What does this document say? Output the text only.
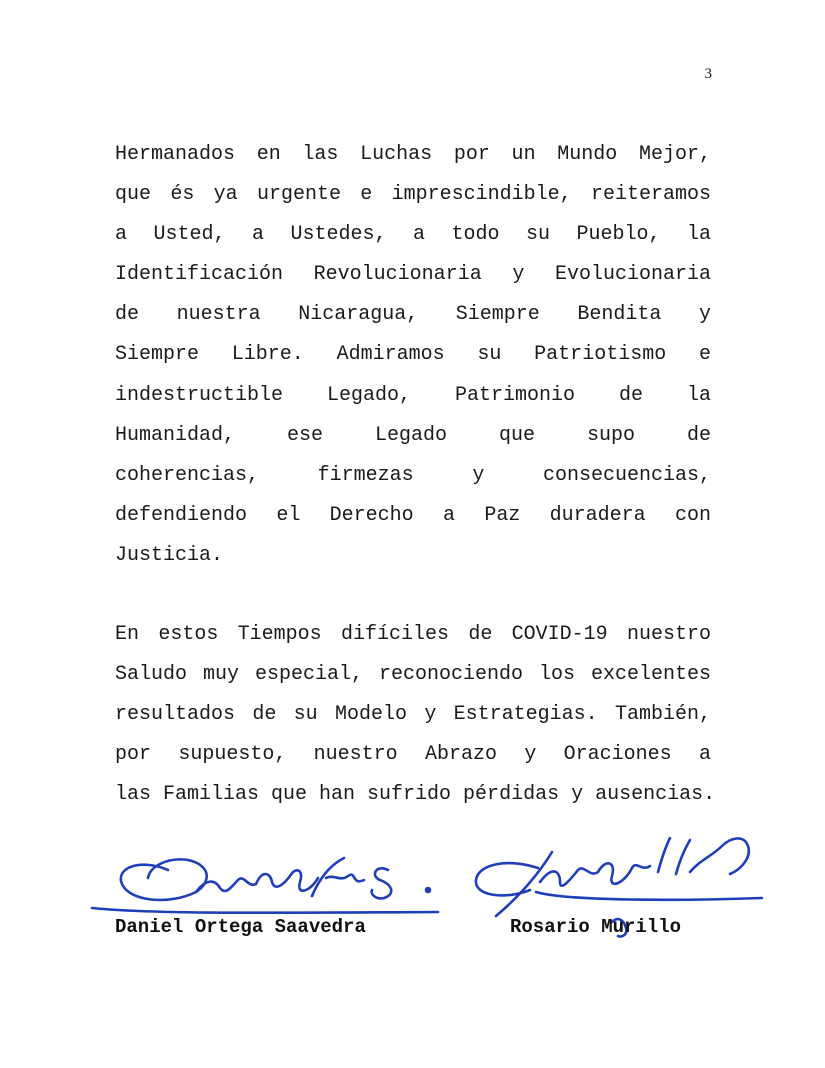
3
Hermanados en las Luchas por un Mundo Mejor,
que és ya urgente e imprescindible, reiteramos
a Usted, a Ustedes, a todo su Pueblo, la
Identificación Revolucionaria y Evolucionaria
de nuestra Nicaragua, Siempre Bendita y
Siempre Libre. Admiramos su Patriotismo e
indestructible Legado, Patrimonio de la
Humanidad, ese Legado que supo de
coherencias, firmezas y consecuencias,
defendiendo el Derecho a Paz duradera con
Justicia.
En estos Tiempos difíciles de COVID-19 nuestro
Saludo muy especial, reconociendo los excelentes
resultados de su Modelo y Estrategias. También,
por supuesto, nuestro Abrazo y Oraciones a
las Familias que han sufrido pérdidas y ausencias.
Daniel Ortega Saavedra	Rosario Murillo
